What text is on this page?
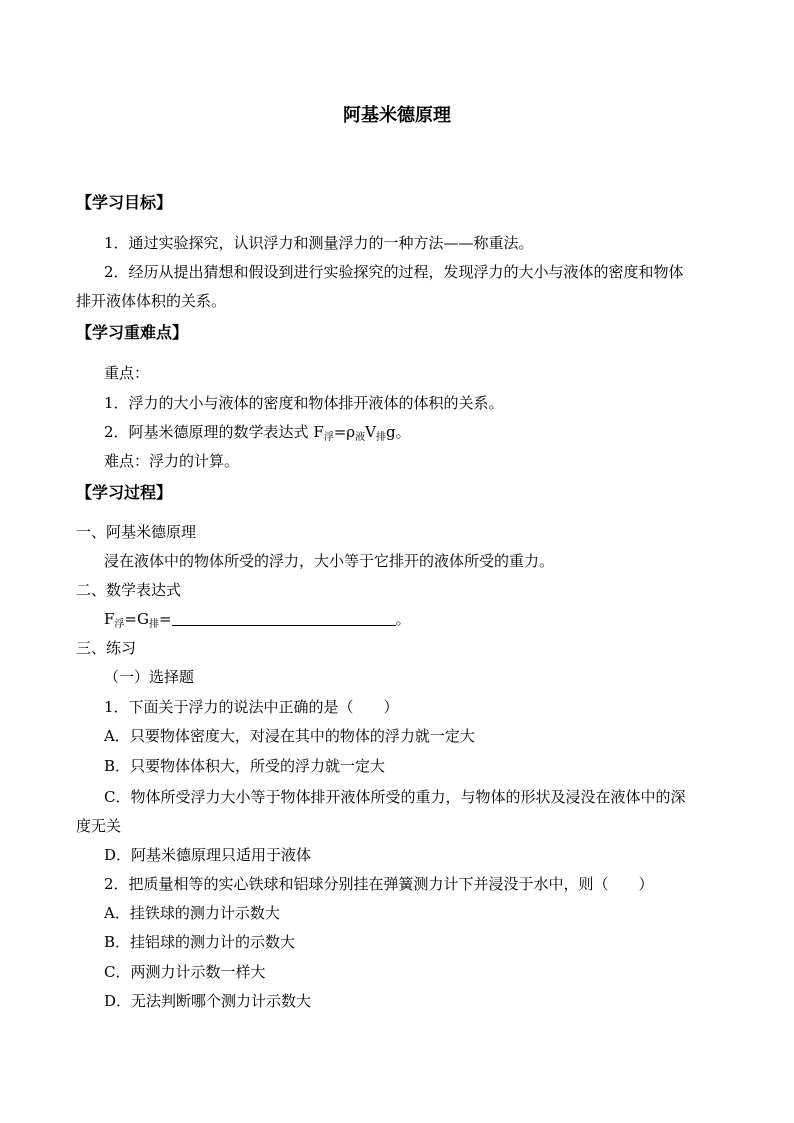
阿基米德原理
【学习目标】
1．通过实验探究，认识浮力和测量浮力的一种方法——称重法。
2．经历从提出猜想和假设到进行实验探究的过程，发现浮力的大小与液体的密度和物体
排开液体体积的关系。
【学习重难点】
重点：
1．浮力的大小与液体的密度和物体排开液体的体积的关系。
2．阿基米德原理的数学表达式 $F_浮=\rho_液V_排g$。
难点：浮力的计算。
【学习过程】
一、阿基米德原理
浸在液体中的物体所受的浮力，大小等于它排开的液体所受的重力。
二、数学表达式
$F_浮=G_排=$	。
三、练习
（一）选择题
1．下面关于浮力的说法中正确的是（　　）
A．只要物体密度大，对浸在其中的物体的浮力就一定大
B．只要物体体积大，所受的浮力就一定大
C．物体所受浮力大小等于物体排开液体所受的重力，与物体的形状及浸没在液体中的深
度无关
D．阿基米德原理只适用于液体
2．把质量相等的实心铁球和铝球分别挂在弹簧测力计下并浸没于水中，则（　　）
A．挂铁球的测力计示数大
B．挂铝球的测力计的示数大
C．两测力计示数一样大
D．无法判断哪个测力计示数大
